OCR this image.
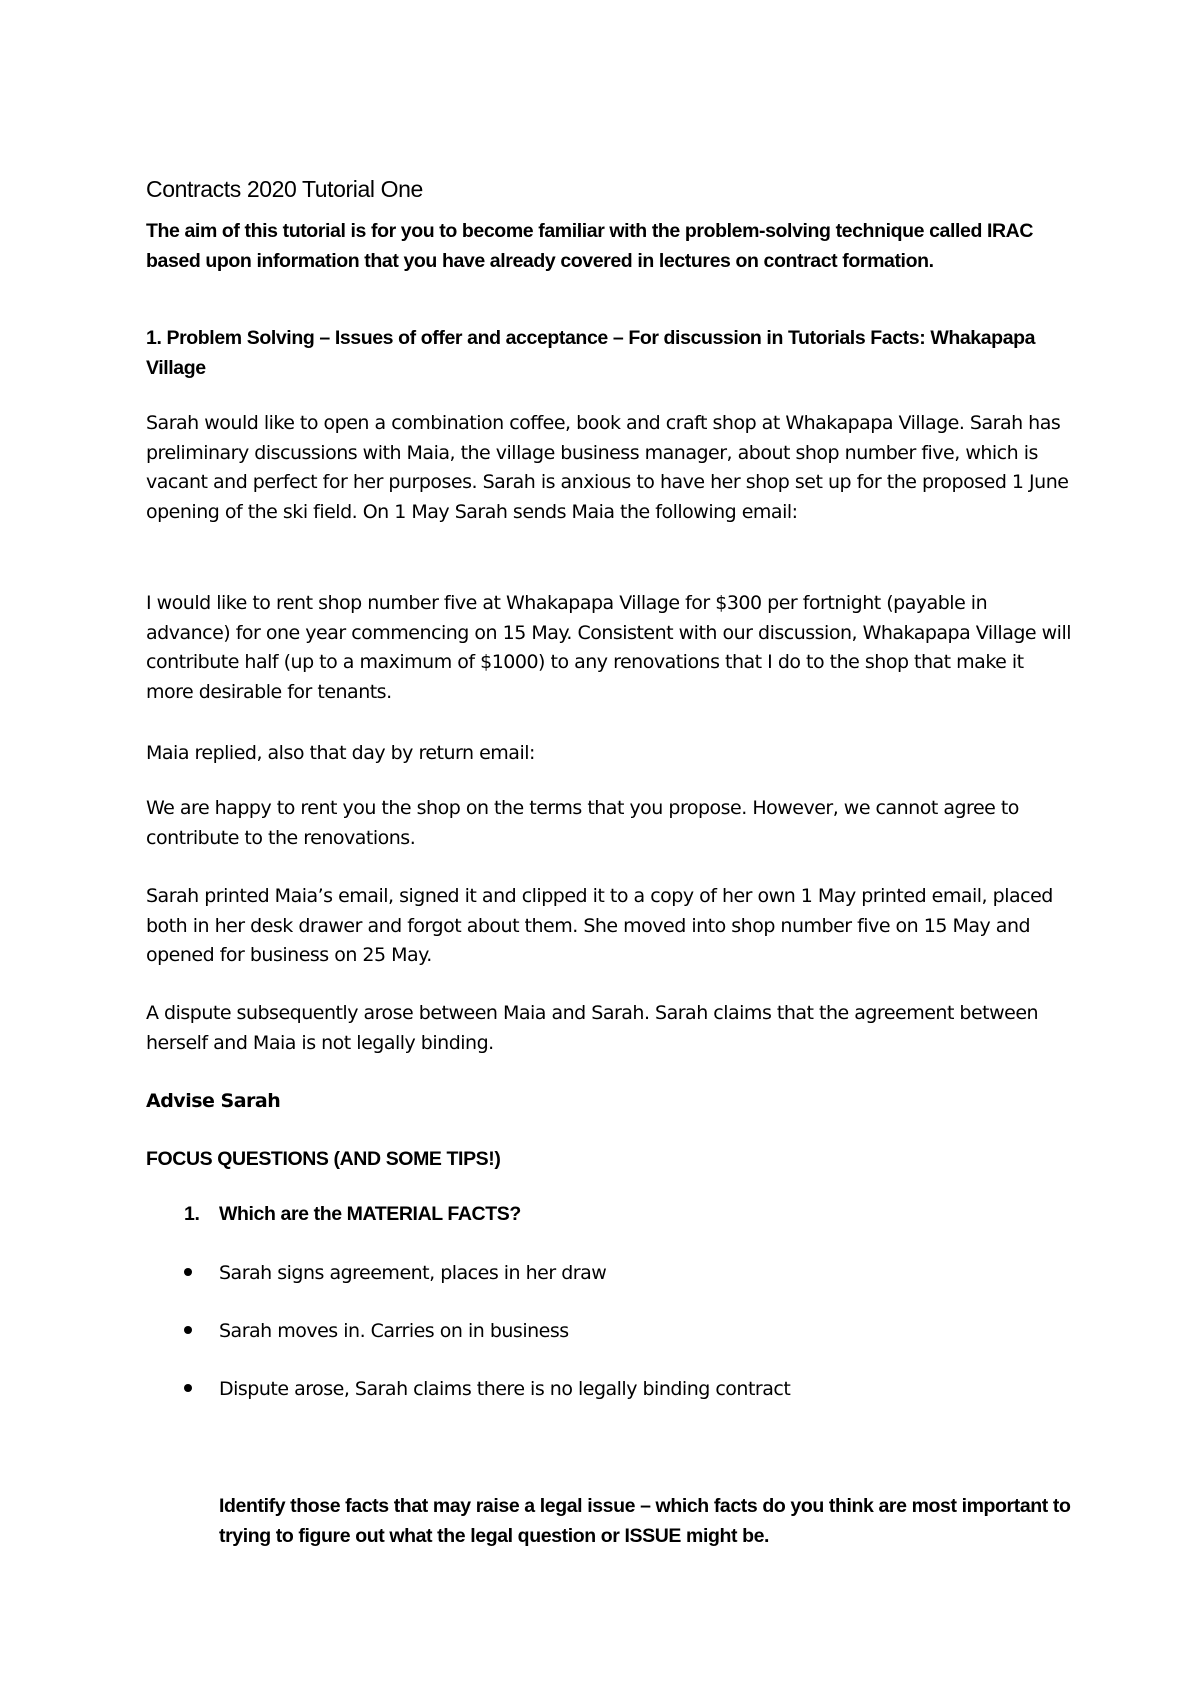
Contracts 2020 Tutorial One

The aim of this tutorial is for you to become familiar with the problem-solving technique called IRAC based upon information that you have already covered in lectures on contract formation.

1. Problem Solving – Issues of offer and acceptance – For discussion in Tutorials Facts: Whakapapa Village

Sarah would like to open a combination coffee, book and craft shop at Whakapapa Village. Sarah has preliminary discussions with Maia, the village business manager, about shop number five, which is vacant and perfect for her purposes. Sarah is anxious to have her shop set up for the proposed 1 June opening of the ski field. On 1 May Sarah sends Maia the following email:

I would like to rent shop number five at Whakapapa Village for $300 per fortnight (payable in advance) for one year commencing on 15 May. Consistent with our discussion, Whakapapa Village will contribute half (up to a maximum of $1000) to any renovations that I do to the shop that make it more desirable for tenants.

Maia replied, also that day by return email:

We are happy to rent you the shop on the terms that you propose. However, we cannot agree to contribute to the renovations.

Sarah printed Maia’s email, signed it and clipped it to a copy of her own 1 May printed email, placed both in her desk drawer and forgot about them. She moved into shop number five on 15 May and opened for business on 25 May.

A dispute subsequently arose between Maia and Sarah. Sarah claims that the agreement between herself and Maia is not legally binding.

Advise Sarah

FOCUS QUESTIONS (AND SOME TIPS!)

1. Which are the MATERIAL FACTS?
Sarah signs agreement, places in her draw
Sarah moves in. Carries on in business
Dispute arose, Sarah claims there is no legally binding contract

Identify those facts that may raise a legal issue – which facts do you think are most important to trying to figure out what the legal question or ISSUE might be.
